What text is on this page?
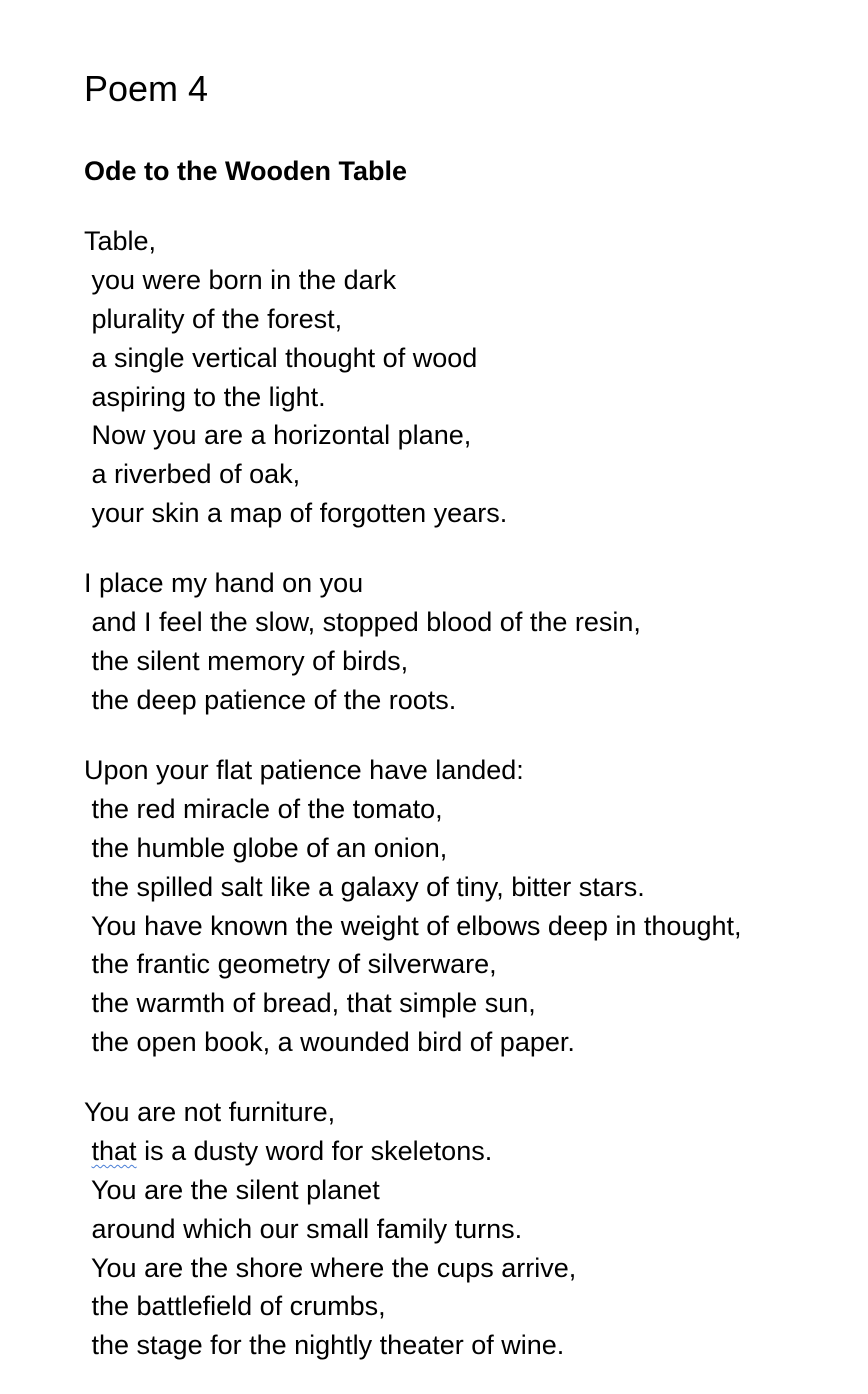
Poem 4
Ode to the Wooden Table
Table,
you were born in the dark
plurality of the forest,
a single vertical thought of wood
aspiring to the light.
Now you are a horizontal plane,
a riverbed of oak,
your skin a map of forgotten years.
I place my hand on you
and I feel the slow, stopped blood of the resin,
the silent memory of birds,
the deep patience of the roots.
Upon your flat patience have landed:
the red miracle of the tomato,
the humble globe of an onion,
the spilled salt like a galaxy of tiny, bitter stars.
You have known the weight of elbows deep in thought,
the frantic geometry of silverware,
the warmth of bread, that simple sun,
the open book, a wounded bird of paper.
You are not furniture,
that is a dusty word for skeletons.
You are the silent planet
around which our small family turns.
You are the shore where the cups arrive,
the battlefield of crumbs,
the stage for the nightly theater of wine.
